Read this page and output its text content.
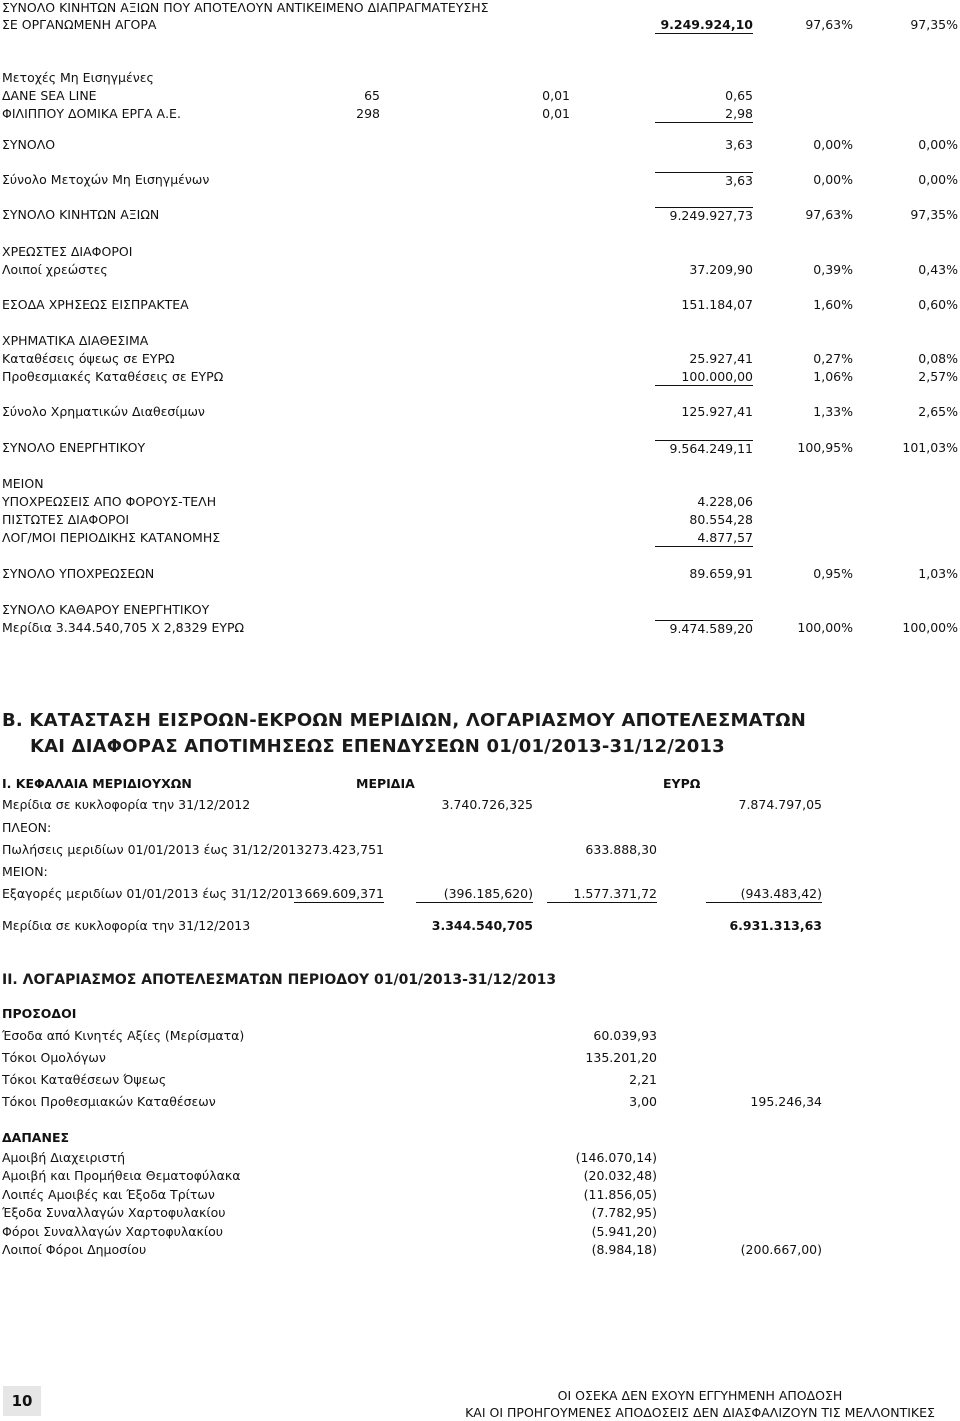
ΣΥΝΟΛΟ ΚΙΝΗΤΩΝ ΑΞΙΩΝ ΠΟΥ ΑΠΟΤΕΛΟΥΝ ΑΝΤΙΚΕΙΜΕΝΟ ΔΙΑΠΡΑΓΜΑΤΕΥΣΗΣ
ΣΕ ΟΡΓΑΝΩΜΕΝΗ ΑΓΟΡΑ	9.249.924,10	97,63%	97,35%
Μετοχές Μη Εισηγμένες
ΔΑΝΕ SEA LINE	65	0,01	0,65
ΦΙΛΙΠΠΟΥ ΔΟΜΙΚΑ ΕΡΓΑ Α.Ε.	298	0,01	2,98
ΣΥΝΟΛΟ	3,63	0,00%	0,00%
Σύνολο Μετοχών Μη Εισηγμένων	3,63	0,00%	0,00%
ΣΥΝΟΛΟ ΚΙΝΗΤΩΝ ΑΞΙΩΝ	9.249.927,73	97,63%	97,35%
ΧΡΕΩΣΤΕΣ ΔΙΑΦΟΡΟΙ
Λοιποί χρεώστες	37.209,90	0,39%	0,43%
ΕΣΟΔΑ ΧΡΗΣΕΩΣ ΕΙΣΠΡΑΚΤΕΑ	151.184,07	1,60%	0,60%
ΧΡΗΜΑΤΙΚΑ ΔΙΑΘΕΣΙΜΑ
Καταθέσεις όψεως σε ΕΥΡΩ	25.927,41	0,27%	0,08%
Προθεσμιακές Καταθέσεις σε ΕΥΡΩ	100.000,00	1,06%	2,57%
Σύνολο Χρηματικών Διαθεσίμων	125.927,41	1,33%	2,65%
ΣΥΝΟΛΟ ΕΝΕΡΓΗΤΙΚΟΥ	9.564.249,11	100,95%	101,03%
ΜΕΙΟΝ
ΥΠΟΧΡΕΩΣΕΙΣ ΑΠΟ ΦΟΡΟΥΣ-ΤΕΛΗ	4.228,06
ΠΙΣΤΩΤΕΣ ΔΙΑΦΟΡΟΙ	80.554,28
ΛΟΓ/ΜΟΙ ΠΕΡΙΟΔΙΚΗΣ ΚΑΤΑΝΟΜΗΣ	4.877,57
ΣΥΝΟΛΟ ΥΠΟΧΡΕΩΣΕΩΝ	89.659,91	0,95%	1,03%
ΣΥΝΟΛΟ ΚΑΘΑΡΟΥ ΕΝΕΡΓΗΤΙΚΟΥ
Μερίδια 3.344.540,705 Χ 2,8329 ΕΥΡΩ	9.474.589,20	100,00%	100,00%
Β. ΚΑΤΑΣΤΑΣΗ ΕΙΣΡΟΩΝ-ΕΚΡΟΩΝ ΜΕΡΙΔΙΩΝ, ΛΟΓΑΡΙΑΣΜΟΥ ΑΠΟΤΕΛΕΣΜΑΤΩΝ
ΚΑΙ ΔΙΑΦΟΡΑΣ ΑΠΟΤΙΜΗΣΕΩΣ ΕΠΕΝΔΥΣΕΩΝ 01/01/2013-31/12/2013
Ι. ΚΕΦΑΛΑΙΑ ΜΕΡΙΔΙΟΥΧΩΝ	ΜΕΡΙΔΙΑ	ΕΥΡΩ
Μερίδια σε κυκλοφορία την 31/12/2012	3.740.726,325	7.874.797,05
ΠΛΕΟΝ:
Πωλήσεις μεριδίων 01/01/2013 έως 31/12/2013 273.423,751	633.888,30
ΜΕΙΟΝ:
Εξαγορές μεριδίων 01/01/2013 έως 31/12/2013 669.609,371	(396.185,620)	1.577.371,72	(943.483,42)
Μερίδια σε κυκλοφορία την 31/12/2013	3.344.540,705	6.931.313,63
ΙΙ. ΛΟΓΑΡΙΑΣΜΟΣ ΑΠΟΤΕΛΕΣΜΑΤΩΝ ΠΕΡΙΟΔΟΥ 01/01/2013-31/12/2013
ΠΡΟΣΟΔΟΙ
Έσοδα από Κινητές Αξίες (Μερίσματα)	60.039,93
Τόκοι Ομολόγων	135.201,20
Τόκοι Καταθέσεων Όψεως	2,21
Τόκοι Προθεσμιακών Καταθέσεων	3,00	195.246,34
ΔΑΠΑΝΕΣ
Αμοιβή Διαχειριστή	(146.070,14)
Αμοιβή και Προμήθεια Θεματοφύλακα	(20.032,48)
Λοιπές Αμοιβές και Έξοδα Τρίτων	(11.856,05)
Έξοδα Συναλλαγών Χαρτοφυλακίου	(7.782,95)
Φόροι Συναλλαγών Χαρτοφυλακίου	(5.941,20)
Λοιποί Φόροι Δημοσίου	(8.984,18)	(200.667,00)
10	ΟΙ ΟΣΕΚΑ ΔΕΝ ΕΧΟΥΝ ΕΓΓΥΗΜΕΝΗ ΑΠΟΔΟΣΗ
ΚΑΙ ΟΙ ΠΡΟΗΓΟΥΜΕΝΕΣ ΑΠΟΔΟΣΕΙΣ ΔΕΝ ΔΙΑΣΦΑΛΙΖΟΥΝ ΤΙΣ ΜΕΛΛΟΝΤΙΚΕΣ
